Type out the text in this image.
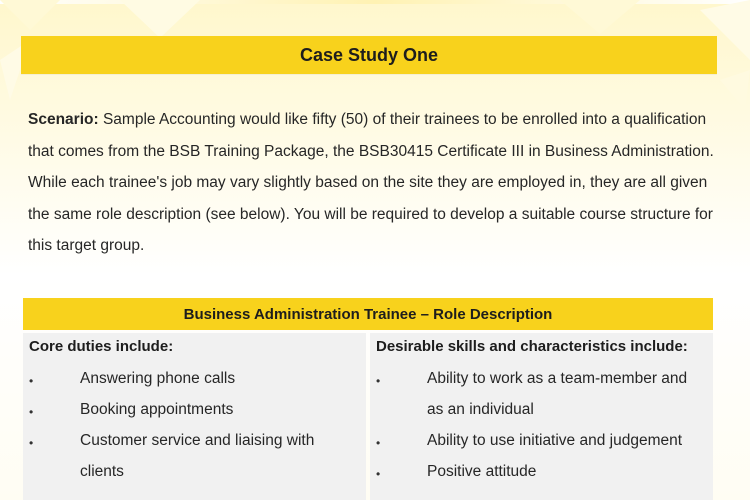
Case Study One
Scenario: Sample Accounting would like fifty (50) of their trainees to be enrolled into a qualification
that comes from the BSB Training Package, the BSB30415 Certificate III in Business Administration.
While each trainee's job may vary slightly based on the site they are employed in, they are all given
the same role description (see below). You will be required to develop a suitable course structure for
this target group.
Business Administration Trainee – Role Description
Core duties include:
•	Answering phone calls
•	Booking appointments
•	Customer service and liaising with
clients
Desirable skills and characteristics include:
•	Ability to work as a team-member and
as an individual
•	Ability to use initiative and judgement
•	Positive attitude
